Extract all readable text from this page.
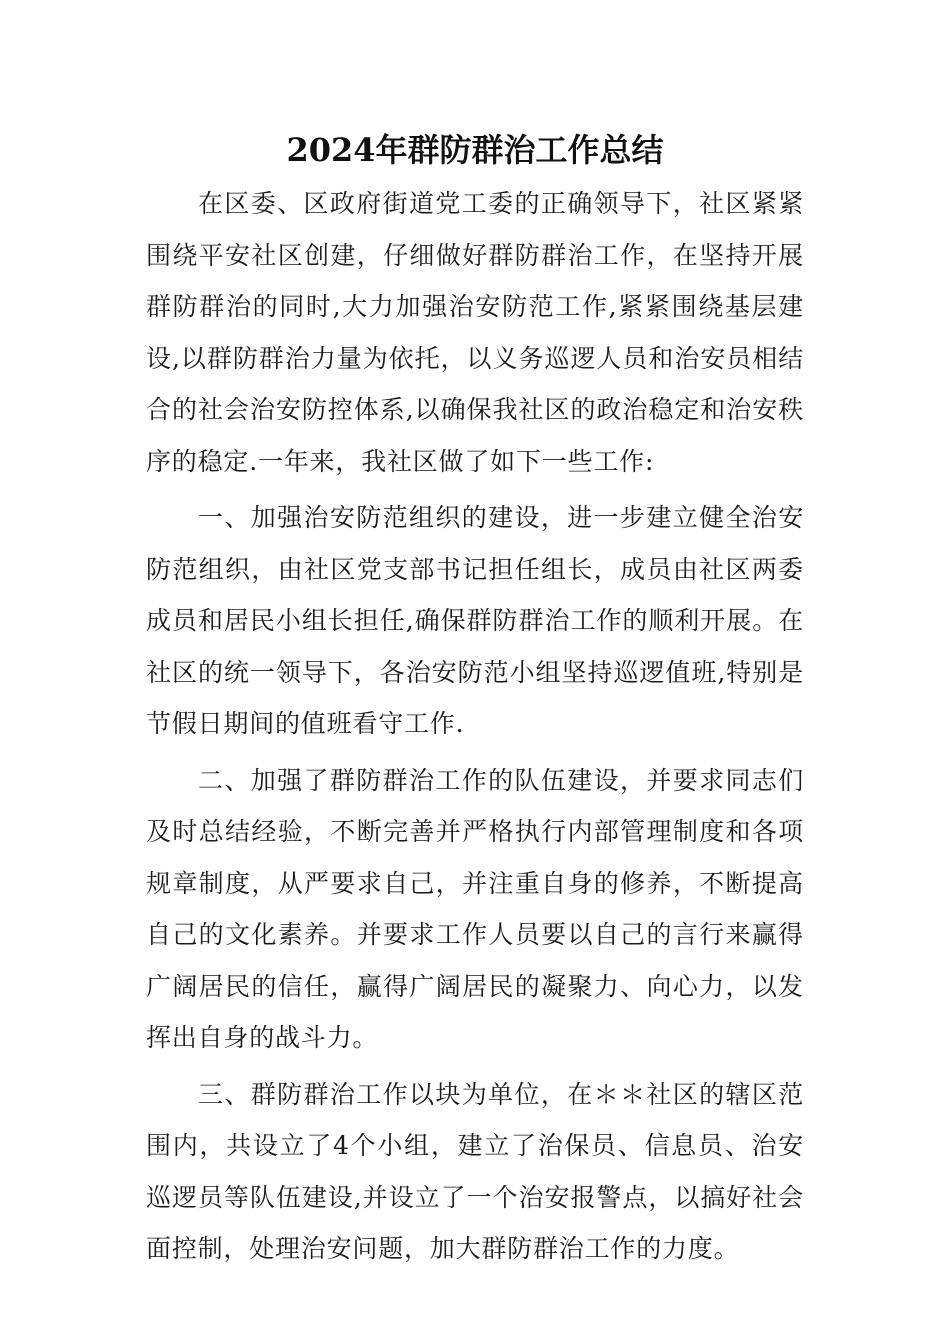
2024年群防群治工作总结

在区委、区政府街道党工委的正确领导下，社区紧紧围绕平安社区创建，仔细做好群防群治工作，在坚持开展群防群治的同时,大力加强治安防范工作,紧紧围绕基层建设,以群防群治力量为依托，以义务巡逻人员和治安员相结合的社会治安防控体系,以确保我社区的政治稳定和治安秩序的稳定.一年来，我社区做了如下一些工作:

一、加强治安防范组织的建设，进一步建立健全治安防范组织，由社区党支部书记担任组长，成员由社区两委成员和居民小组长担任,确保群防群治工作的顺利开展。在社区的统一领导下，各治安防范小组坚持巡逻值班,特别是节假日期间的值班看守工作.

二、加强了群防群治工作的队伍建设，并要求同志们及时总结经验，不断完善并严格执行内部管理制度和各项规章制度，从严要求自己，并注重自身的修养，不断提高自己的文化素养。并要求工作人员要以自己的言行来赢得广阔居民的信任，赢得广阔居民的凝聚力、向心力，以发挥出自身的战斗力。

三、群防群治工作以块为单位，在＊＊社区的辖区范围内，共设立了4个小组，建立了治保员、信息员、治安巡逻员等队伍建设,并设立了一个治安报警点，以搞好社会面控制，处理治安问题，加大群防群治工作的力度。
